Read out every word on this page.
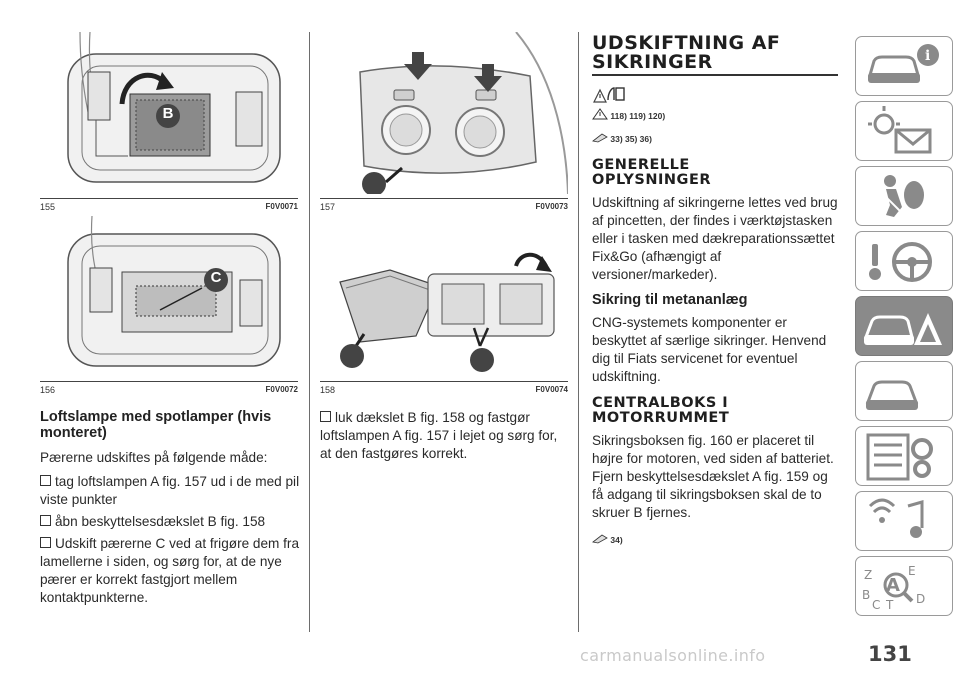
B
155	F0V0071
C
156	F0V0072
157	F0V0073
158	F0V0074
Loftslampe med spotlamper (hvis monteret)
Pærerne udskiftes på følgende måde:
tag loftslampen A fig. 157 ud i de med pil viste punkter
åbn beskyttelsesdækslet B fig. 158
Udskift pærerne C ved at frigøre dem fra lamellerne i siden, og sørg for, at de nye pærer er korrekt fastgjort mellem kontaktpunkterne.
luk dækslet B fig. 158 og fastgør loftslampen A fig. 157 i lejet og sørg for, at den fastgøres korrekt.
UDSKIFTNING AF
SIKRINGER
118) 119) 120)
33) 35) 36)
GENERELLE
OPLYSNINGER
Udskiftning af sikringerne lettes ved brug af pincetten, der findes i værktøjstasken eller i tasken med dækreparationssættet Fix&Go (afhængigt af versioner/markeder).
Sikring til metananlæg
CNG-systemets komponenter er beskyttet af særlige sikringer. Henvend dig til Fiats servicenet for eventuel udskiftning.
CENTRALBOKS I
MOTORRUMMET
Sikringsboksen fig. 160 er placeret til højre for motoren, ved siden af batteriet. Fjern beskyttelsesdækslet A fig. 159 og få adgang til sikringsboksen skal de to skruer B fjernes.
34)
i
Z	E
A
B
C T D
131
carmanualsonline.info
